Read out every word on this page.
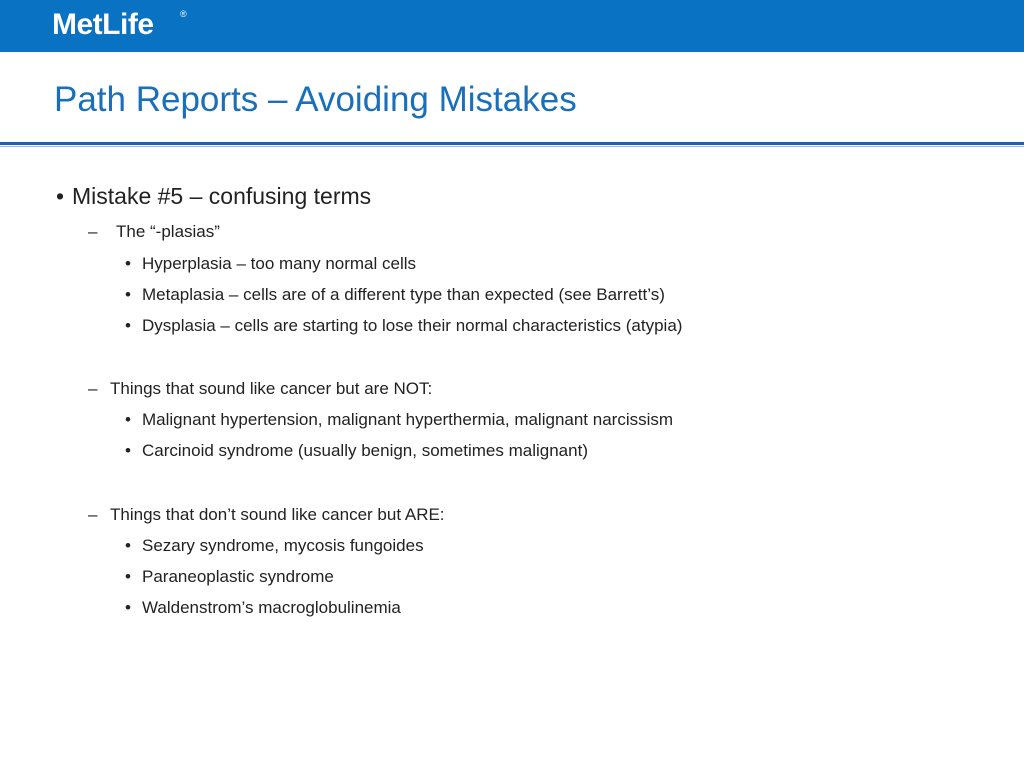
MetLife	®
Path Reports – Avoiding Mistakes
• Mistake #5 – confusing terms
– The “-plasias”
• Hyperplasia – too many normal cells
• Metaplasia – cells are of a different type than expected (see Barrett’s)
• Dysplasia – cells are starting to lose their normal characteristics (atypia)
– Things that sound like cancer but are NOT:
• Malignant hypertension, malignant hyperthermia, malignant narcissism
• Carcinoid syndrome (usually benign, sometimes malignant)
– Things that don’t sound like cancer but ARE:
• Sezary syndrome, mycosis fungoides
• Paraneoplastic syndrome
• Waldenstrom’s macroglobulinemia
